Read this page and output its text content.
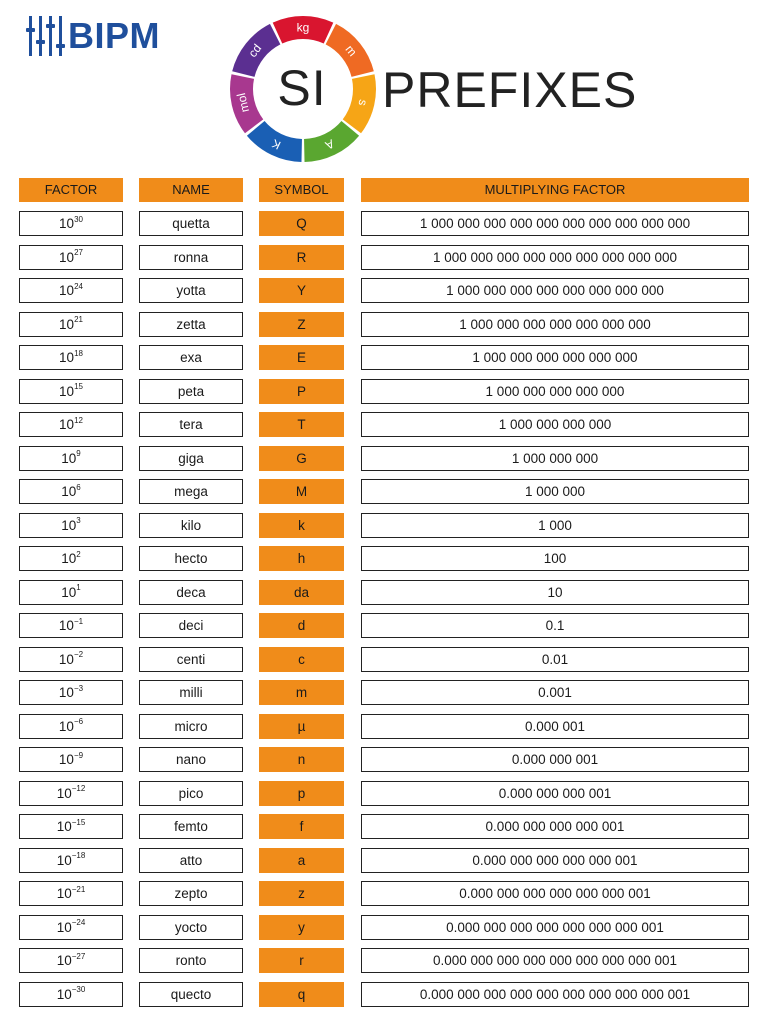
BIPM	kg
m
s
A
K
mol
cd
SI	PREFIXES
FACTOR	NAME	SYMBOL	MULTIPLYING FACTOR
$10^{30}$	quetta	Q	1 000 000 000 000 000 000 000 000 000 000
$10^{27}$	ronna	R	1 000 000 000 000 000 000 000 000 000
$10^{24}$	yotta	Y	1 000 000 000 000 000 000 000 000
$10^{21}$	zetta	Z	1 000 000 000 000 000 000 000
$10^{18}$	exa	E	1 000 000 000 000 000 000
$10^{15}$	peta	P	1 000 000 000 000 000
$10^{12}$	tera	T	1 000 000 000 000
$10^9$	giga	G	1 000 000 000
$10^6$	mega	M	1 000 000
$10^3$	kilo	k	1 000
$10^2$	hecto	h	100
$10^1$	deca	da	10
$10^{-1}$	deci	d	0.1
$10^{-2}$	centi	c	0.01
$10^{-3}$	milli	m	0.001
$10^{-6}$	micro	µ	0.000 001
$10^{-9}$	nano	n	0.000 000 001
$10^{-12}$	pico	p	0.000 000 000 001
$10^{-15}$	femto	f	0.000 000 000 000 001
$10^{-18}$	atto	a	0.000 000 000 000 000 001
$10^{-21}$	zepto	z	0.000 000 000 000 000 000 001
$10^{-24}$	yocto	y	0.000 000 000 000 000 000 000 001
$10^{-27}$	ronto	r	0.000 000 000 000 000 000 000 000 001
$10^{-30}$	quecto	q	0.000 000 000 000 000 000 000 000 000 001
